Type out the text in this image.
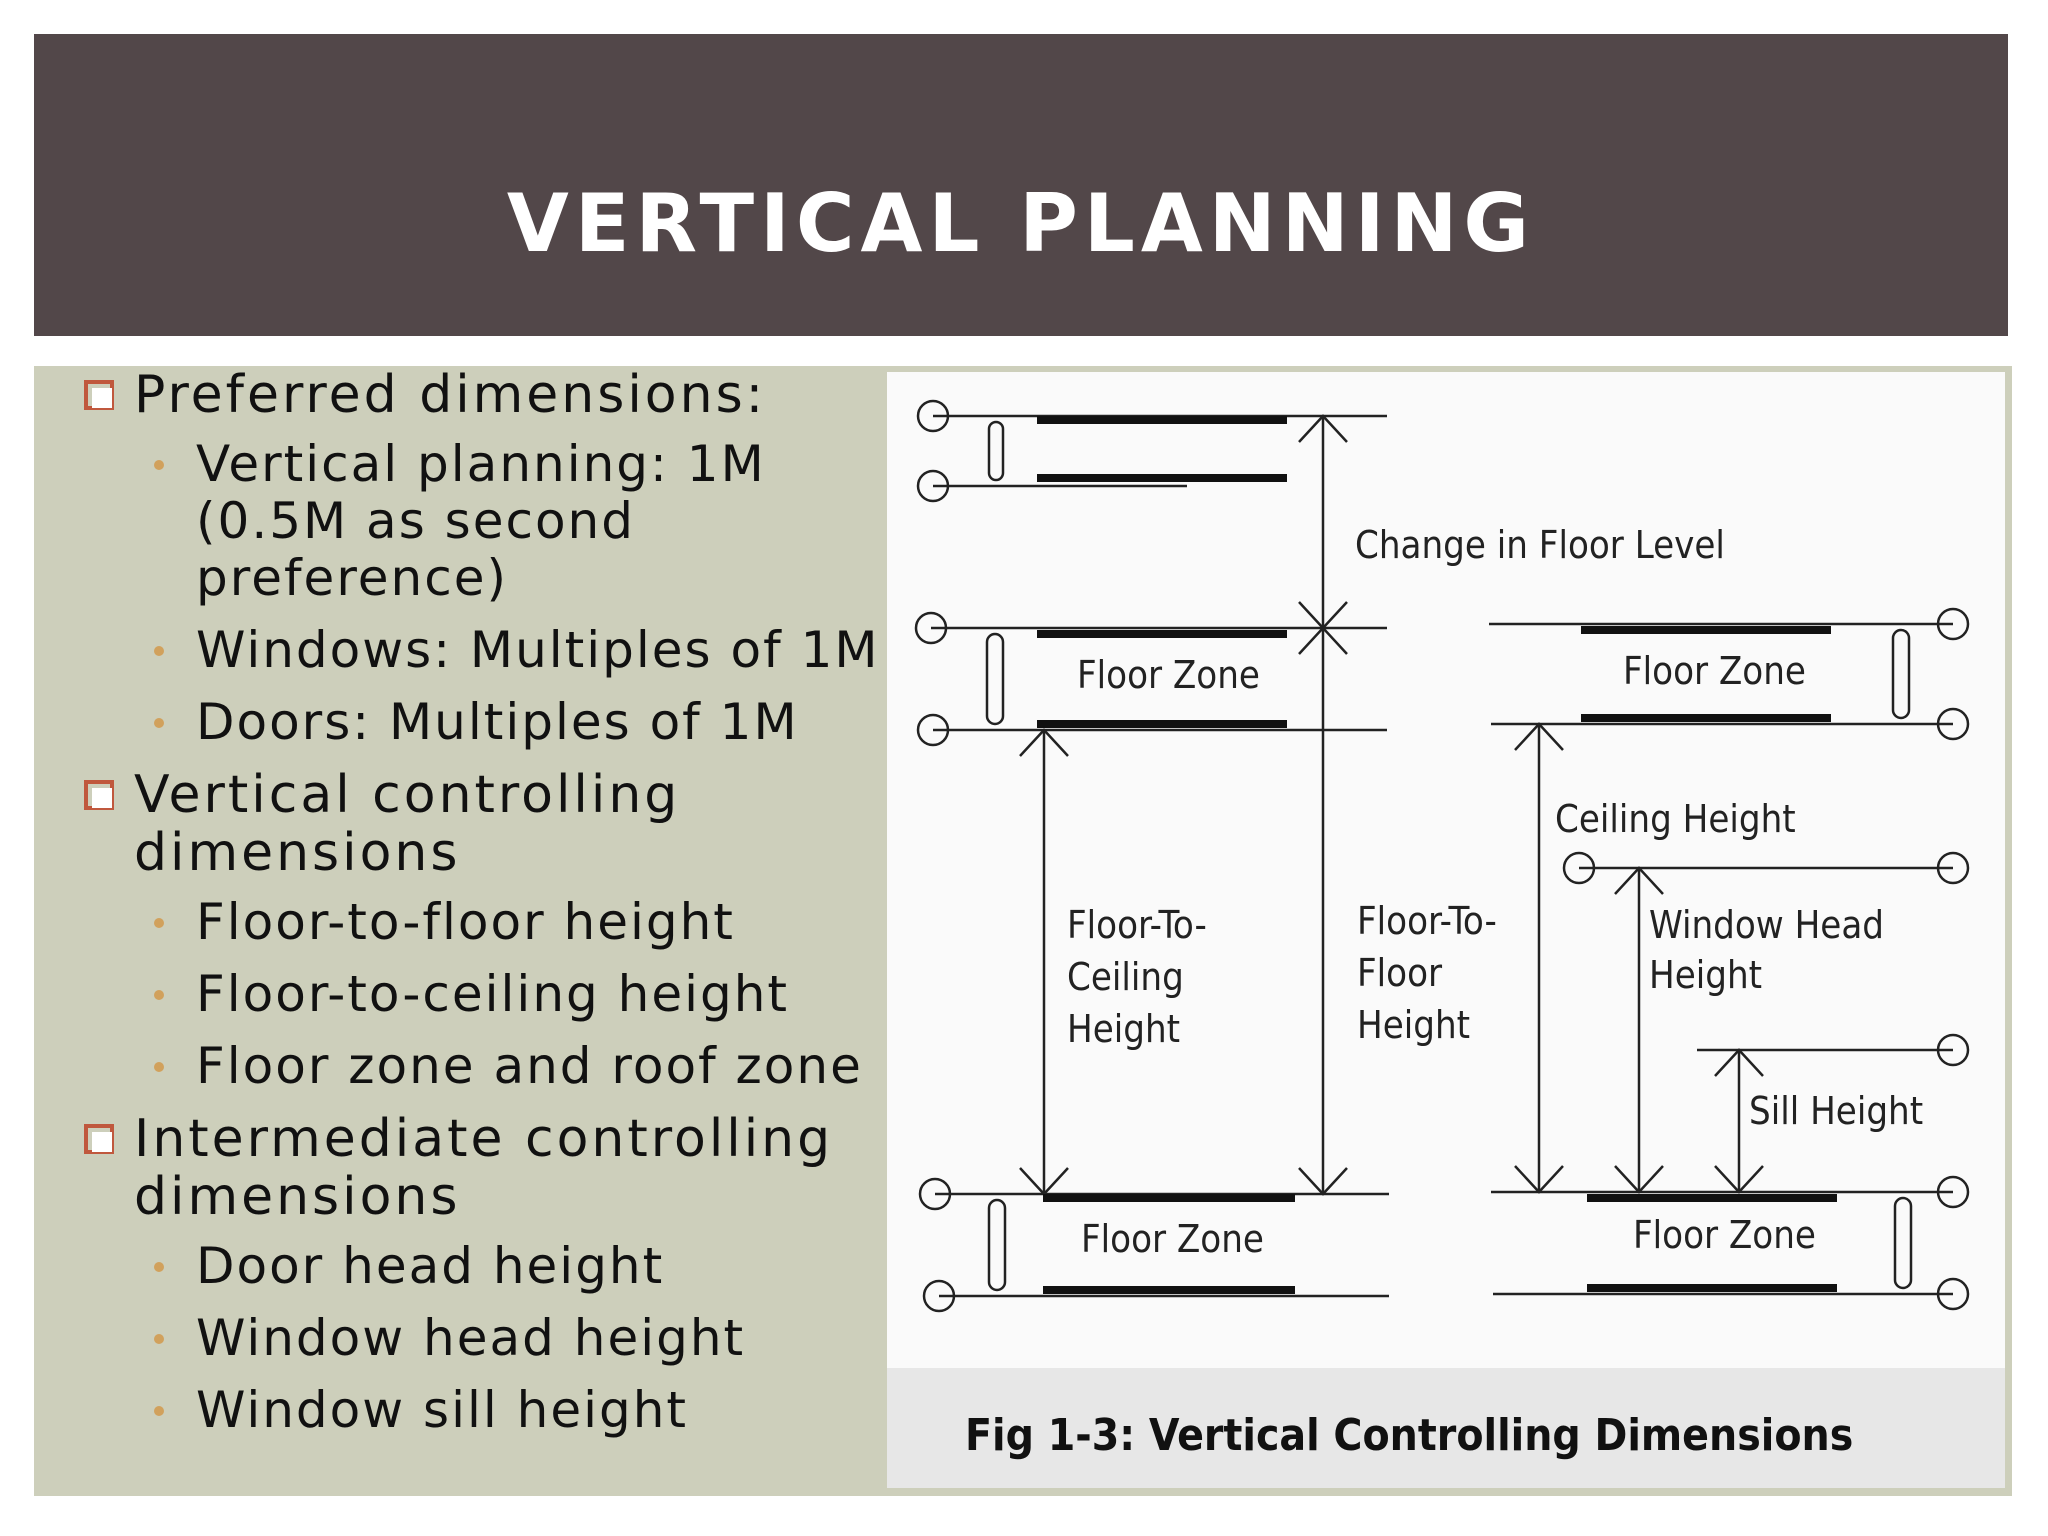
VERTICAL PLANNING
Preferred dimensions:
Vertical planning: 1M (0.5M as second preference)
Windows: Multiples of 1M
Doors: Multiples of 1M
Vertical controlling dimensions
Floor-to-floor height
Floor-to-ceiling height
Floor zone and roof zone
Intermediate controlling dimensions
Door head height
Window head height
Window sill height
Change in Floor Level
Floor Zone	Floor Zone
Floor Zone	Floor Zone
Ceiling Height
Floor-To-
Ceiling
Height
Floor-To-
Floor
Height
Window Head
Height
Sill Height
Fig 1-3: Vertical Controlling Dimensions
